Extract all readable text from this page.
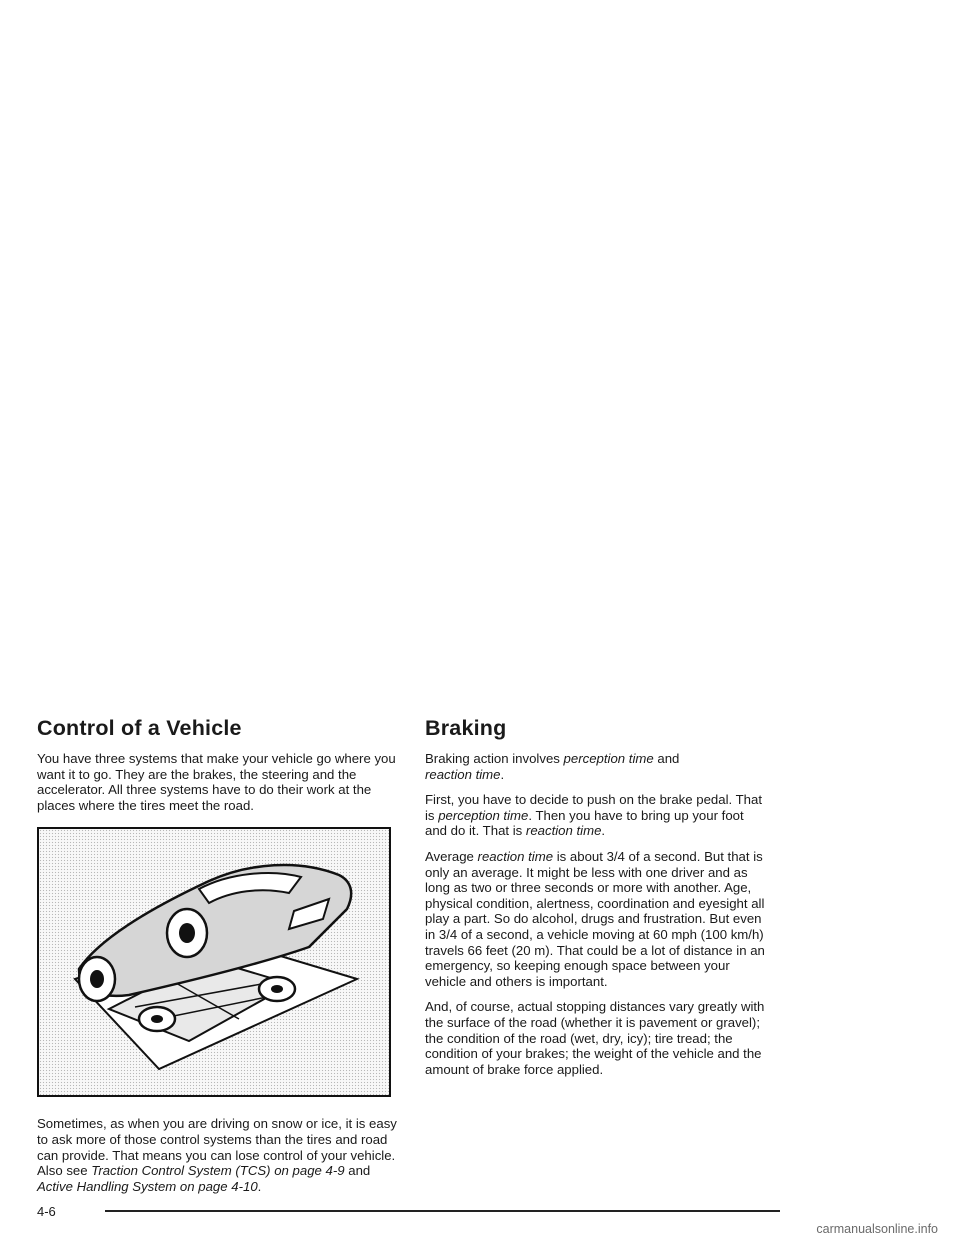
Control of a Vehicle

You have three systems that make your vehicle go where you want it to go. They are the brakes, the steering and the accelerator. All three systems have to do their work at the places where the tires meet the road.

Sometimes, as when you are driving on snow or ice, it is easy to ask more of those control systems than the tires and road can provide. That means you can lose control of your vehicle. Also see Traction Control System (TCS) on page 4-9 and Active Handling System on page 4-10.

Braking

Braking action involves perception time and
reaction time.

First, you have to decide to push on the brake pedal. That is perception time. Then you have to bring up your foot and do it. That is reaction time.

Average reaction time is about 3/4 of a second. But that is only an average. It might be less with one driver and as long as two or three seconds or more with another. Age, physical condition, alertness, coordination and eyesight all play a part. So do alcohol, drugs and frustration. But even in 3/4 of a second, a vehicle moving at 60 mph (100 km/h) travels 66 feet (20 m). That could be a lot of distance in an emergency, so keeping enough space between your vehicle and others is important.

And, of course, actual stopping distances vary greatly with the surface of the road (whether it is pavement or gravel); the condition of the road (wet, dry, icy); tire tread; the condition of your brakes; the weight of the vehicle and the amount of brake force applied.

4-6
carmanualsonline.info
